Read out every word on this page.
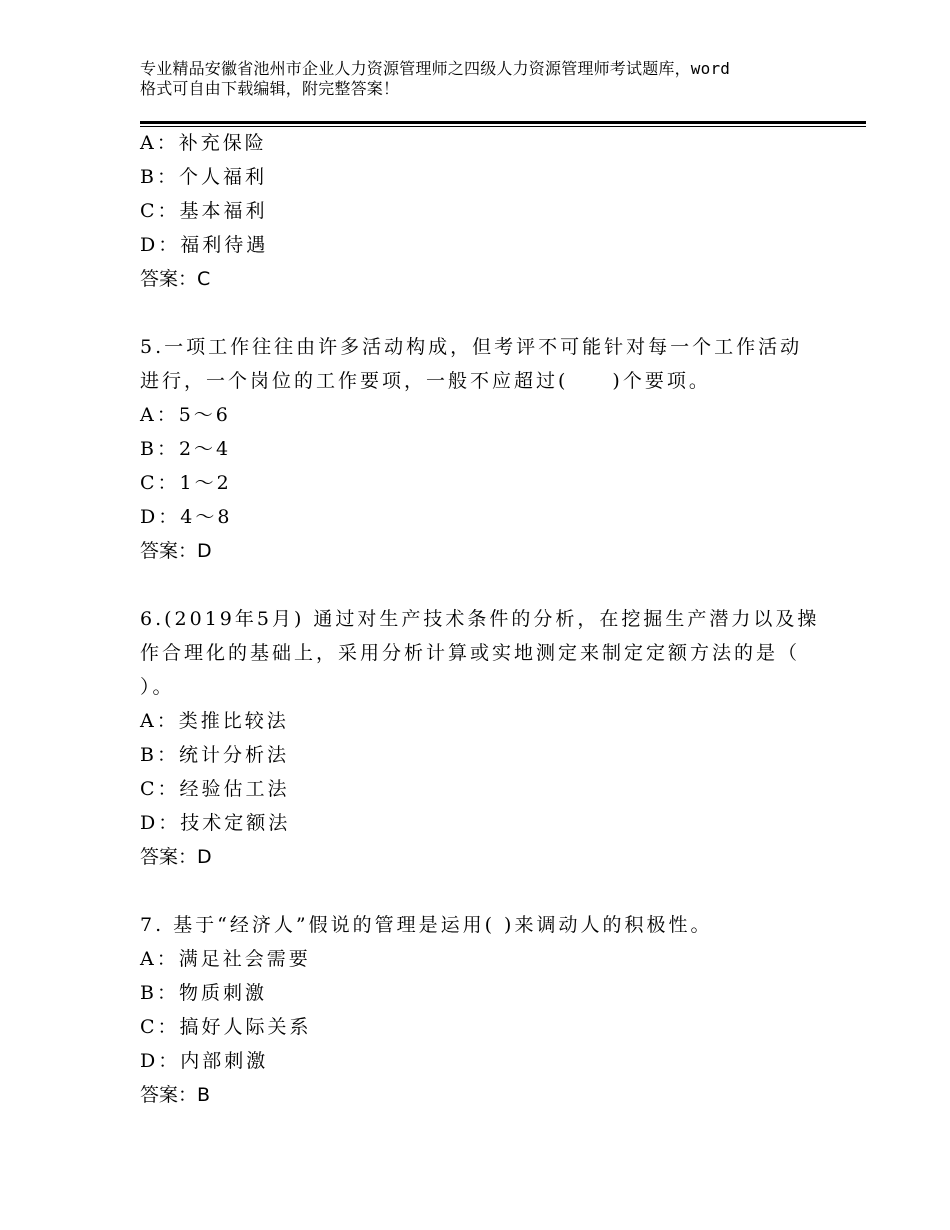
专业精品安徽省池州市企业人力资源管理师之四级人力资源管理师考试题库，word
格式可自由下载编辑，附完整答案！
A：补充保险
B：个人福利
C：基本福利
D：福利待遇
答案：C
5.一项工作往往由许多活动构成，但考评不可能针对每一个工作活动
进行，一个岗位的工作要项，一般不应超过(　　)个要项。
A：5～6
B：2～4
C：1～2
D：4～8
答案：D
6.(2019年5月) 通过对生产技术条件的分析，在挖掘生产潜力以及操
作合理化的基础上，采用分析计算或实地测定来制定定额方法的是（
）。
A：类推比较法
B：统计分析法
C：经验估工法
D：技术定额法
答案：D
7. 基于“经济人”假说的管理是运用( )来调动人的积极性。
A：满足社会需要
B：物质刺激
C：搞好人际关系
D：内部刺激
答案：B
